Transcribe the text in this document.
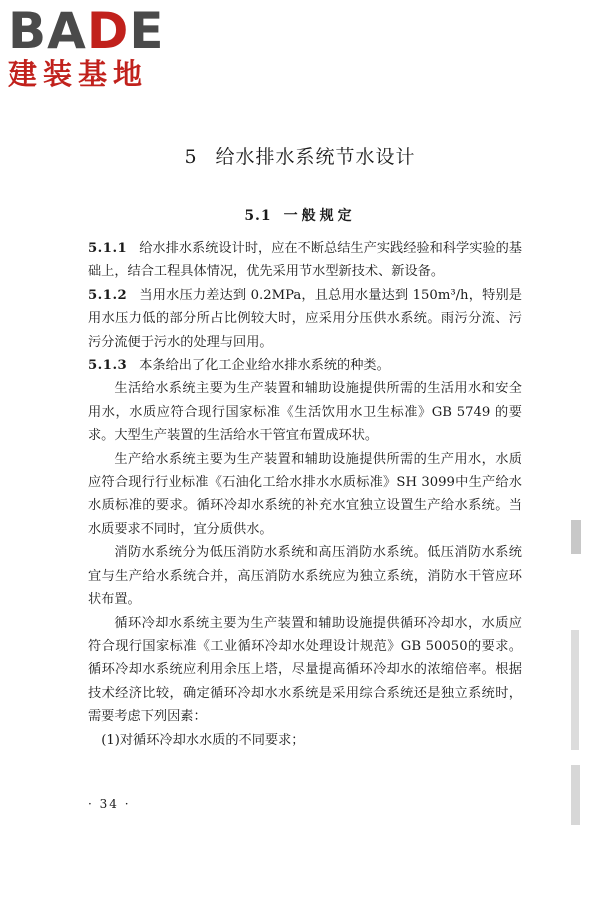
BADE
建装基地
5 给水排水系统节水设计
5.1 一般规定

5.1.1 给水排水系统设计时，应在不断总结生产实践经验和科学实验的基础上，结合工程具体情况，优先采用节水型新技术、新设备。

5.1.2 当用水压力差达到 0.2MPa，且总用水量达到 150m³/h，特别是用水压力低的部分所占比例较大时，应采用分压供水系统。雨污分流、污污分流便于污水的处理与回用。

5.1.3 本条给出了化工企业给水排水系统的种类。

生活给水系统主要为生产装置和辅助设施提供所需的生活用水和安全用水，水质应符合现行国家标准《生活饮用水卫生标准》GB 5749 的要求。大型生产装置的生活给水干管宜布置成环状。

生产给水系统主要为生产装置和辅助设施提供所需的生产用水，水质应符合现行行业标准《石油化工给水排水水质标准》SH 3099中生产给水水质标准的要求。循环冷却水系统的补充水宜独立设置生产给水系统。当水质要求不同时，宜分质供水。

消防水系统分为低压消防水系统和高压消防水系统。低压消防水系统宜与生产给水系统合并，高压消防水系统应为独立系统，消防水干管应环状布置。

循环冷却水系统主要为生产装置和辅助设施提供循环冷却水，水质应符合现行国家标准《工业循环冷却水处理设计规范》GB 50050的要求。循环冷却水系统应利用余压上塔，尽量提高循环冷却水的浓缩倍率。根据技术经济比较，确定循环冷却水水系统是采用综合系统还是独立系统时，需要考虑下列因素：

(1)对循环冷却水水质的不同要求；

· 34 ·
